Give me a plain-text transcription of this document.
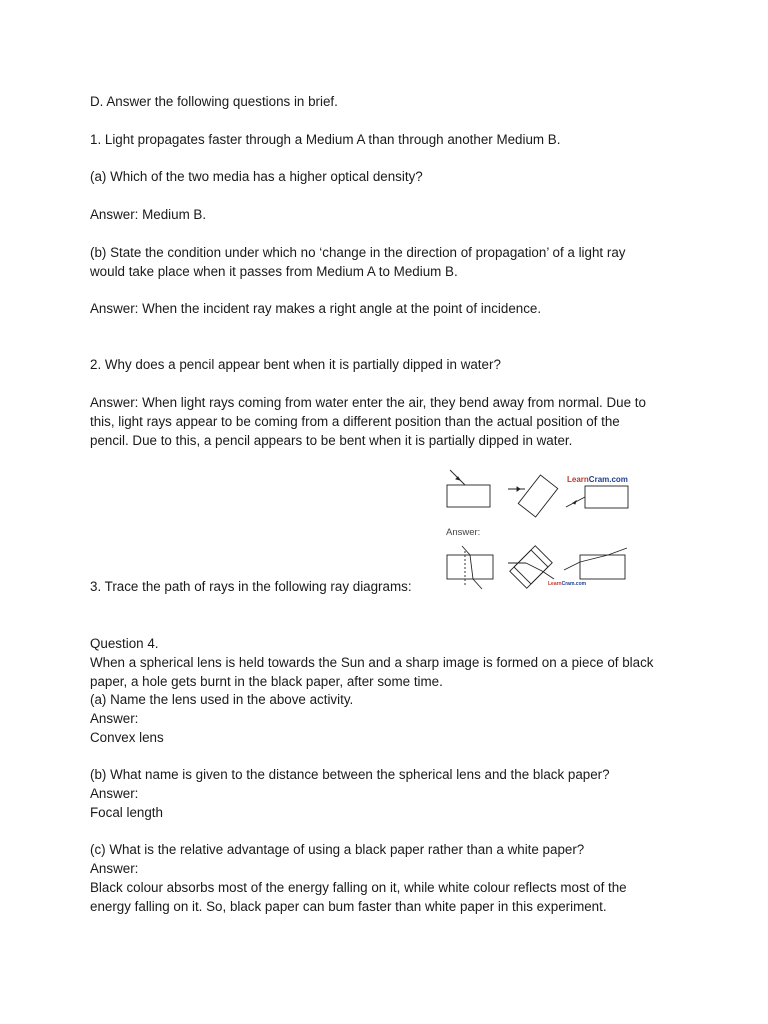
D. Answer the following questions in brief.
1. Light propagates faster through a Medium A than through another Medium B.
(a) Which of the two media has a higher optical density?
Answer: Medium B.
(b) State the condition under which no ‘change in the direction of propagation’ of a light ray
would take place when it passes from Medium A to Medium B.
Answer: When the incident ray makes a right angle at the point of incidence.
2. Why does a pencil appear bent when it is partially dipped in water?
Answer: When light rays coming from water enter the air, they bend away from normal. Due to
this, light rays appear to be coming from a different position than the actual position of the
pencil. Due to this, a pencil appears to be bent when it is partially dipped in water.
3. Trace the path of rays in the following ray diagrams:
LearnCram.com
Answer:
LearnCram.com
Question 4.
When a spherical lens is held towards the Sun and a sharp image is formed on a piece of black
paper, a hole gets burnt in the black paper, after some time.
(a) Name the lens used in the above activity.
Answer:
Convex lens
(b) What name is given to the distance between the spherical lens and the black paper?
Answer:
Focal length
(c) What is the relative advantage of using a black paper rather than a white paper?
Answer:
Black colour absorbs most of the energy falling on it, while white colour reflects most of the
energy falling on it. So, black paper can bum faster than white paper in this experiment.
